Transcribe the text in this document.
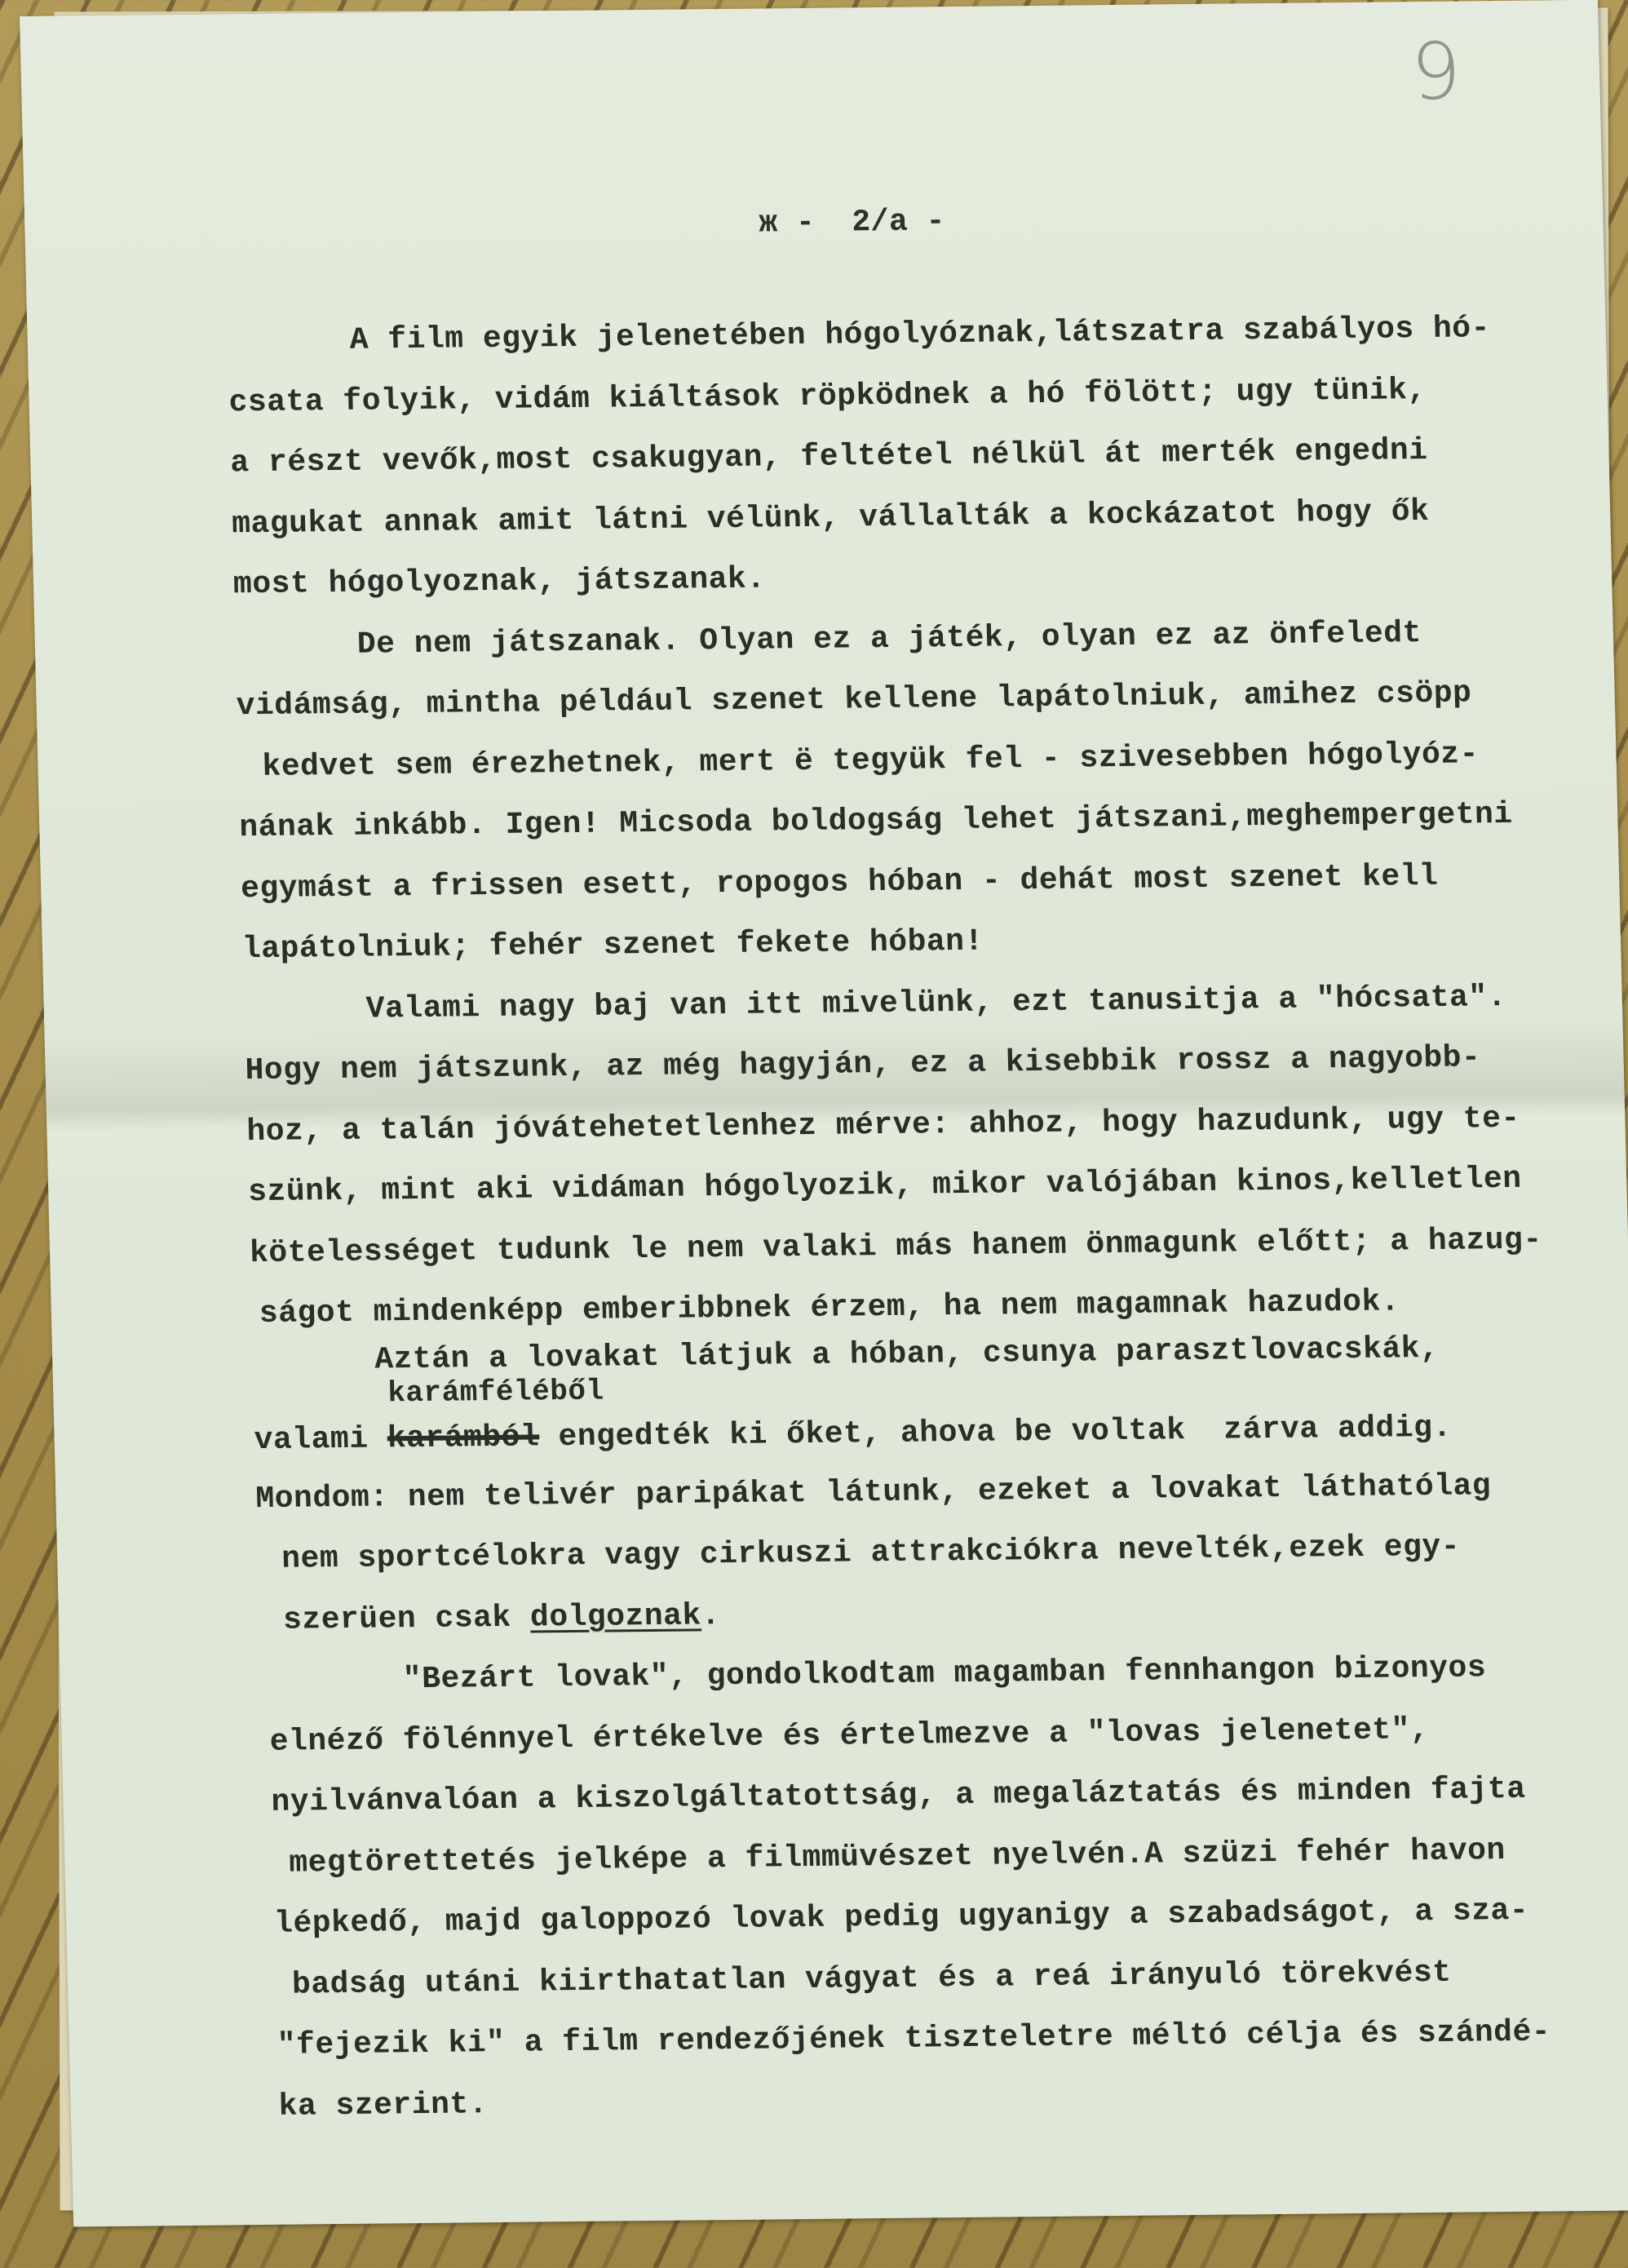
9
ж -  2/a -
A film egyik jelenetében hógolyóznak,látszatra szabályos hó-
csata folyik, vidám kiáltások röpködnek a hó fölött; ugy tünik,
a részt vevők,most csakugyan, feltétel nélkül át merték engedni
magukat annak amit látni vélünk, vállalták a kockázatot hogy ők
most hógolyoznak, játszanak.
De nem játszanak. Olyan ez a játék, olyan ez az önfeledt
vidámság, mintha például szenet kellene lapátolniuk, amihez csöpp
kedvet sem érezhetnek, mert ë tegyük fel - szivesebben hógolyóz-
nának inkább. Igen! Micsoda boldogság lehet játszani,meghempergetni
egymást a frissen esett, ropogos hóban - dehát most szenet kell
lapátolniuk; fehér szenet fekete hóban!
Valami nagy baj van itt mivelünk, ezt tanusitja a "hócsata".
Hogy nem játszunk, az még hagyján, ez a kisebbik rossz a nagyobb-
hoz, a talán jóvátehetetlenhez mérve: ahhoz, hogy hazudunk, ugy te-
szünk, mint aki vidáman hógolyozik, mikor valójában kinos,kelletlen
kötelességet tudunk le nem valaki más hanem önmagunk előtt; a hazug-
ságot mindenképp emberibbnek érzem, ha nem magamnak hazudok.
Aztán a lovakat látjuk a hóban, csunya parasztlovacskák,
karámféléből
valami karámból engedték ki őket, ahova be voltak  zárva addig.
Mondom: nem telivér paripákat látunk, ezeket a lovakat láthatólag
nem sportcélokra vagy cirkuszi attrakciókra nevelték,ezek egy-
szerüen csak dolgoznak.
"Bezárt lovak", gondolkodtam magamban fennhangon bizonyos
elnéző fölénnyel értékelve és értelmezve a "lovas jelenetet",
nyilvánvalóan a kiszolgáltatottság, a megaláztatás és minden fajta
megtörettetés jelképe a filmmüvészet nyelvén.A szüzi fehér havon
lépkedő, majd galoppozó lovak pedig ugyanigy a szabadságot, a sza-
badság utáni kiirthatatlan vágyat és a reá irányuló törekvést
"fejezik ki" a film rendezőjének tiszteletre méltó célja és szándé-
ka szerint.
